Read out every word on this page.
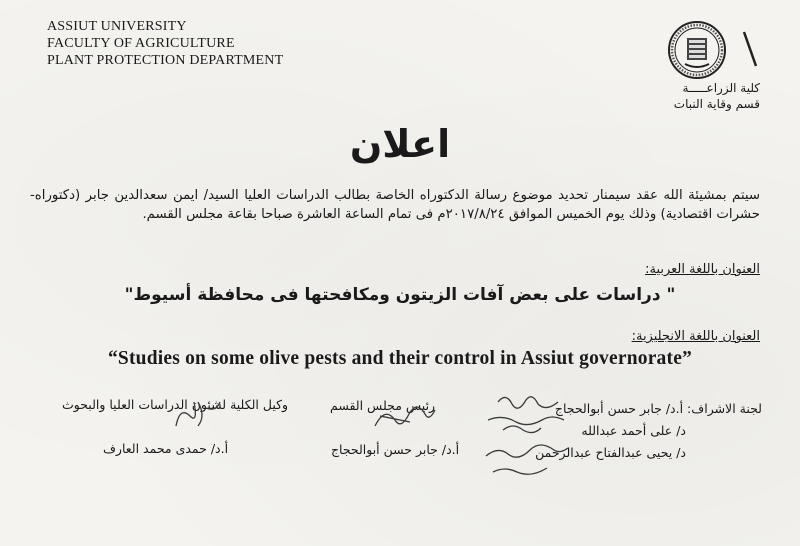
ASSIUT UNIVERSITY
FACULTY OF AGRICULTURE
PLANT PROTECTION DEPARTMENT
كلية الزراعـــــة
قسم وقاية النبات
اعلان
سيتم بمشيئة الله عقد سيمنار تحديد موضوع رسالة الدكتوراه الخاصة بطالب الدراسات العليا السيد/ ايمن سعدالدين جابر (دكتوراه- حشرات اقتصادية) وذلك يوم الخميس الموافق ٢٠١٧/٨/٢٤م فى تمام الساعة العاشرة صباحا بقاعة مجلس القسم.
العنوان باللغة العربية:
" دراسات على بعض آفات الزيتون ومكافحتها فى محافظة أسيوط"
العنوان باللغة الانجليزية:
“Studies on some olive pests and their control in Assiut governorate”
لجنة الاشراف: أ.د/ جابر حسن أبوالحجاج
د/ على أحمد عبدالله
د/ يحيى عبدالفتاح عبدالرحمن
رئيس مجلس القسم
أ.د/ جابر حسن أبوالحجاج
وكيل الكلية لشئون الدراسات العليا والبحوث
أ.د/ حمدى محمد العارف
